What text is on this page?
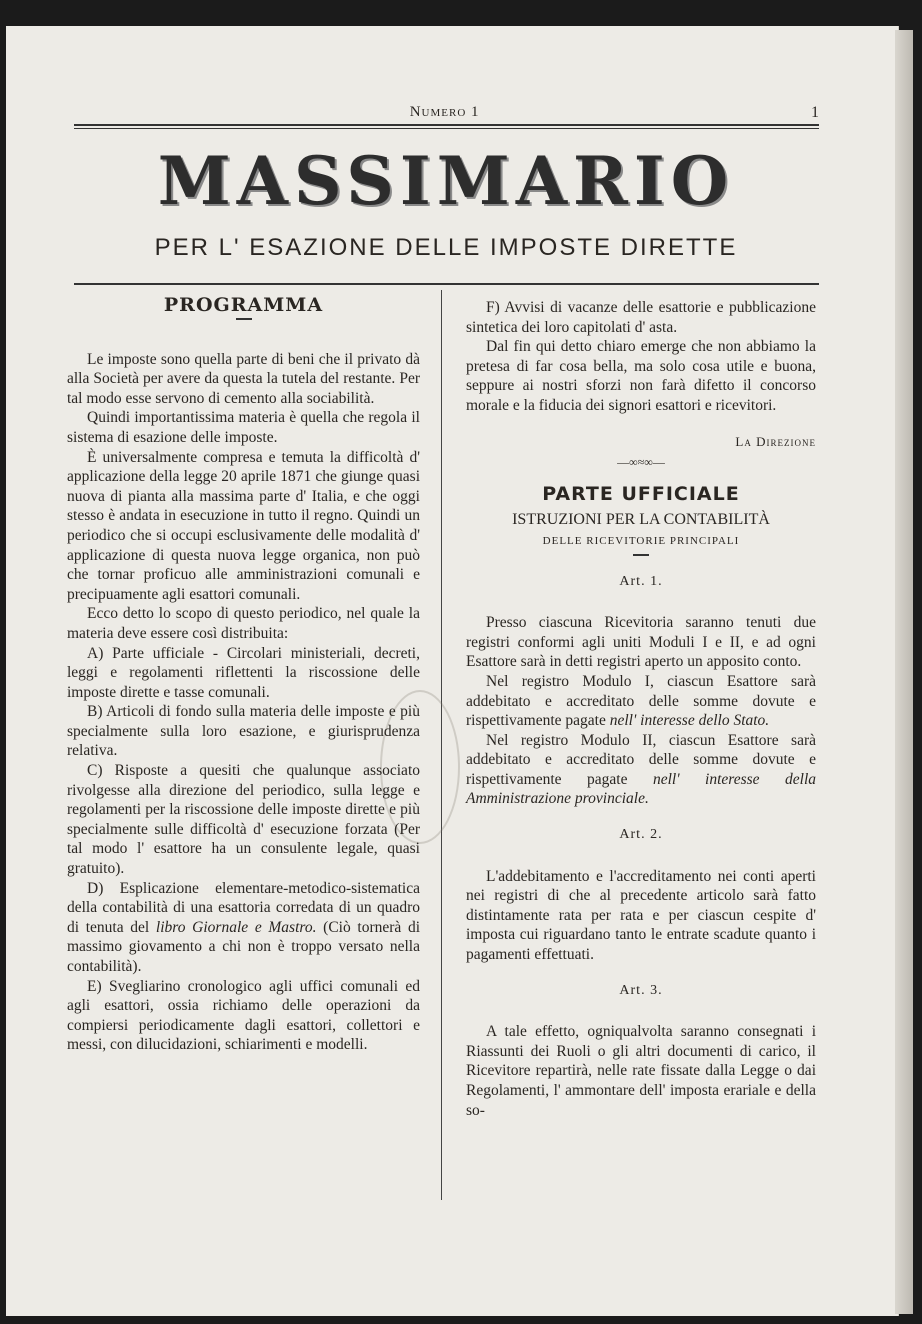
Numero 1	1
MASSIMARIO
PER L' ESAZIONE DELLE IMPOSTE DIRETTE
PROGRAMMA

Le imposte sono quella parte di beni che il privato dà alla Società per avere da questa la tutela del restante. Per tal modo esse servono di cemento alla sociabilità.

Quindi importantissima materia è quella che regola il sistema di esazione delle imposte.

È universalmente compresa e temuta la difficoltà d' applicazione della legge 20 aprile 1871 che giunge quasi nuova di pianta alla massima parte d' Italia, e che oggi stesso è andata in esecuzione in tutto il regno. Quindi un periodico che si occupi esclusivamente delle modalità d' applicazione di questa nuova legge organica, non può che tornar proficuo alle amministrazioni comunali e precipuamente agli esattori comunali.

Ecco detto lo scopo di questo periodico, nel quale la materia deve essere così distribuita:

A) Parte ufficiale - Circolari ministeriali, decreti, leggi e regolamenti riflettenti la riscossione delle imposte dirette e tasse comunali.

B) Articoli di fondo sulla materia delle imposte e più specialmente sulla loro esazione, e giurisprudenza relativa.

C) Risposte a quesiti che qualunque associato rivolgesse alla direzione del periodico, sulla legge e regolamenti per la riscossione delle imposte dirette e più specialmente sulle difficoltà d' esecuzione forzata (Per tal modo l' esattore ha un consulente legale, quasi gratuito).

D) Esplicazione elementare-metodico-sistematica della contabilità di una esattoria corredata di un quadro di tenuta del libro Giornale e Mastro. (Ciò tornerà di massimo giovamento a chi non è troppo versato nella contabilità).

E) Svegliarino cronologico agli uffici comunali ed agli esattori, ossia richiamo delle operazioni da compiersi periodicamente dagli esattori, collettori e messi, con dilucidazioni, schiarimenti e modelli.

F) Avvisi di vacanze delle esattorie e pubblicazione sintetica dei loro capitolati d' asta.

Dal fin qui detto chiaro emerge che non abbiamo la pretesa di far cosa bella, ma solo cosa utile e buona, seppure ai nostri sforzi non farà difetto il concorso morale e la fiducia dei signori esattori e ricevitori.

La Direzione
—∞≈∞—
PARTE UFFICIALE
ISTRUZIONI PER LA CONTABILITÀ
DELLE RICEVITORIE PRINCIPALI
Art. 1.

Presso ciascuna Ricevitoria saranno tenuti due registri conformi agli uniti Moduli I e II, e ad ogni Esattore sarà in detti registri aperto un apposito conto.

Nel registro Modulo I, ciascun Esattore sarà addebitato e accreditato delle somme dovute e rispettivamente pagate nell' interesse dello Stato.

Nel registro Modulo II, ciascun Esattore sarà addebitato e accreditato delle somme dovute e rispettivamente pagate nell' interesse della Amministrazione provinciale.

Art. 2.

L'addebitamento e l'accreditamento nei conti aperti nei registri di che al precedente articolo sarà fatto distintamente rata per rata e per ciascun cespite d' imposta cui riguardano tanto le entrate scadute quanto i pagamenti effettuati.

Art. 3.

A tale effetto, ogniqualvolta saranno consegnati i Riassunti dei Ruoli o gli altri documenti di carico, il Ricevitore repartirà, nelle rate fissate dalla Legge o dai Regolamenti, l' ammontare dell' imposta erariale e della so-
